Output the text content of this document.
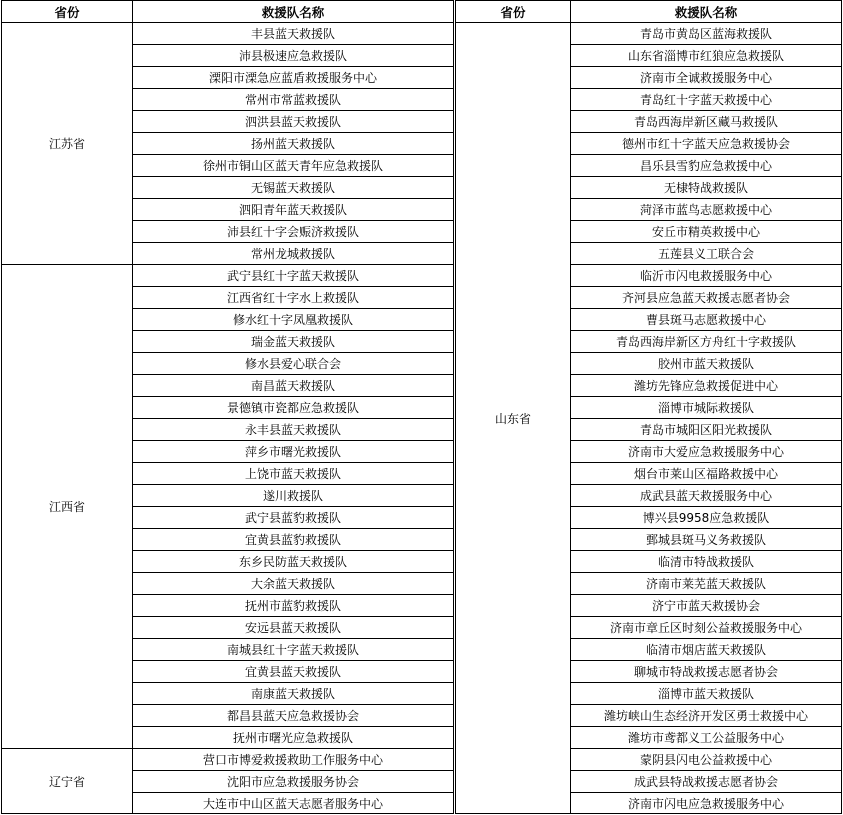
省份	救援队名称
江苏省
丰县蓝天救援队
沛县极速应急救援队
溧阳市溧急应蓝盾救援服务中心
常州市常蓝救援队
泗洪县蓝天救援队
扬州蓝天救援队
徐州市铜山区蓝天青年应急救援队
无锡蓝天救援队
泗阳青年蓝天救援队
沛县红十字会赈济救援队
常州龙城救援队
江西省
武宁县红十字蓝天救援队
江西省红十字水上救援队
修水红十字凤凰救援队
瑞金蓝天救援队
修水县爱心联合会
南昌蓝天救援队
景德镇市瓷都应急救援队
永丰县蓝天救援队
萍乡市曙光救援队
上饶市蓝天救援队
遂川救援队
武宁县蓝豹救援队
宜黄县蓝豹救援队
东乡民防蓝天救援队
大余蓝天救援队
抚州市蓝豹救援队
安远县蓝天救援队
南城县红十字蓝天救援队
宜黄县蓝天救援队
南康蓝天救援队
都昌县蓝天应急救援协会
抚州市曙光应急救援队
辽宁省
营口市博爱救援救助工作服务中心
沈阳市应急救援服务协会
大连市中山区蓝天志愿者服务中心
省份	救援队名称
山东省
青岛市黄岛区蓝海救援队
山东省淄博市红狼应急救援队
济南市全诚救援服务中心
青岛红十字蓝天救援中心
青岛西海岸新区藏马救援队
德州市红十字蓝天应急救援协会
昌乐县雪豹应急救援中心
无棣特战救援队
菏泽市蓝鸟志愿救援中心
安丘市精英救援中心
五莲县义工联合会
临沂市闪电救援服务中心
齐河县应急蓝天救援志愿者协会
曹县斑马志愿救援中心
青岛西海岸新区方舟红十字救援队
胶州市蓝天救援队
潍坊先锋应急救援促进中心
淄博市城际救援队
青岛市城阳区阳光救援队
济南市大爱应急救援服务中心
烟台市莱山区福路救援中心
成武县蓝天救援服务中心
博兴县9958应急救援队
鄄城县斑马义务救援队
临清市特战救援队
济南市莱芜蓝天救援队
济宁市蓝天救援协会
济南市章丘区时刻公益救援服务中心
临清市烟店蓝天救援队
聊城市特战救援志愿者协会
淄博市蓝天救援队
潍坊峡山生态经济开发区勇士救援中心
潍坊市鸢都义工公益服务中心
蒙阴县闪电公益救援中心
成武县特战救援志愿者协会
济南市闪电应急救援服务中心
